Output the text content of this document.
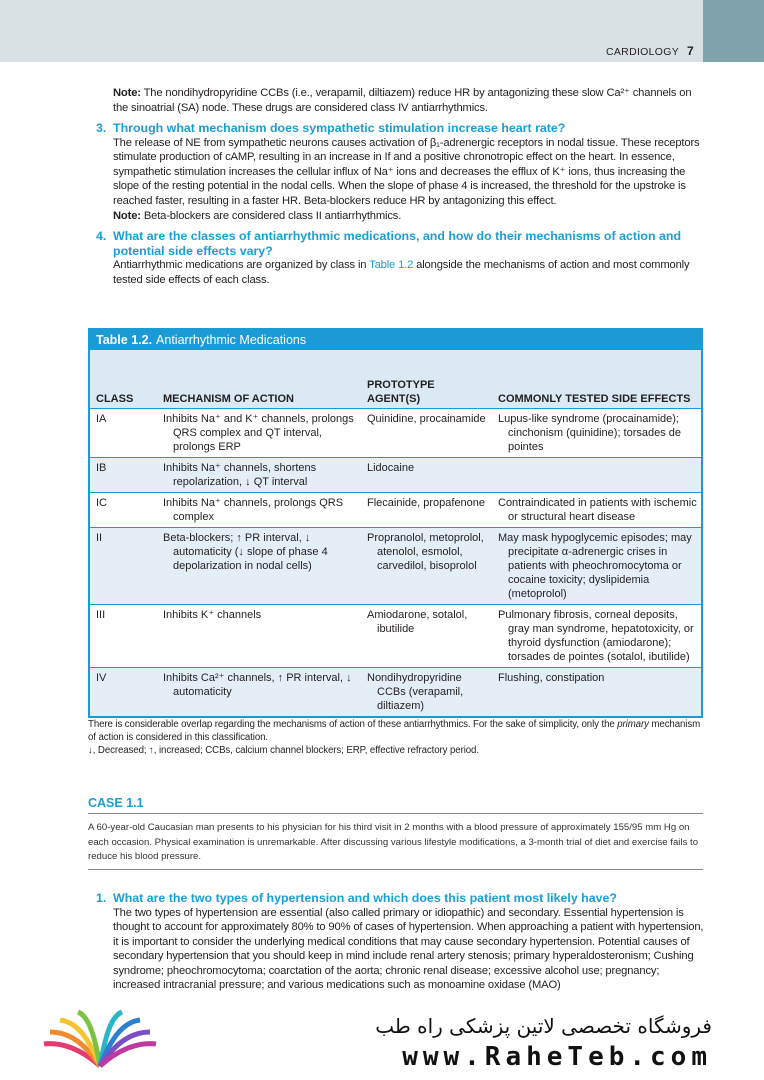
CARDIOLOGY 7

Note: The nondihydropyridine CCBs (i.e., verapamil, diltiazem) reduce HR by antagonizing these slow Ca²⁺ channels on the sinoatrial (SA) node. These drugs are considered class IV antiarrhythmics.

3. Through what mechanism does sympathetic stimulation increase heart rate?

The release of NE from sympathetic neurons causes activation of β₁-adrenergic receptors in nodal tissue. These receptors stimulate production of cAMP, resulting in an increase in If and a positive chronotropic effect on the heart. In essence, sympathetic stimulation increases the cellular influx of Na⁺ ions and decreases the efflux of K⁺ ions, thus increasing the slope of the resting potential in the nodal cells. When the slope of phase 4 is increased, the threshold for the upstroke is reached faster, resulting in a faster HR. Beta-blockers reduce HR by antagonizing this effect.

Note: Beta-blockers are considered class II antiarrhythmics.

4. What are the classes of antiarrhythmic medications, and how do their mechanisms of action and potential side effects vary?

Antiarrhythmic medications are organized by class in Table 1.2 alongside the mechanisms of action and most commonly tested side effects of each class.

Table 1.2. Antiarrhythmic Medications
CLASS	MECHANISM OF ACTION	PROTOTYPE AGENT(S)	COMMONLY TESTED SIDE EFFECTS
IA	Inhibits Na⁺ and K⁺ channels, prolongs QRS complex and QT interval, prolongs ERP	Quinidine, procainamide	Lupus-like syndrome (procainamide); cinchonism (quinidine); torsades de pointes
IB	Inhibits Na⁺ channels, shortens repolarization, ↓ QT interval	Lidocaine	
IC	Inhibits Na⁺ channels, prolongs QRS complex	Flecainide, propafenone	Contraindicated in patients with ischemic or structural heart disease
II	Beta-blockers; ↑ PR interval, ↓ automaticity (↓ slope of phase 4 depolarization in nodal cells)	Propranolol, metoprolol, atenolol, esmolol, carvedilol, bisoprolol	May mask hypoglycemic episodes; may precipitate α-adrenergic crises in patients with pheochromocytoma or cocaine toxicity; dyslipidemia (metoprolol)
III	Inhibits K⁺ channels	Amiodarone, sotalol, ibutilide	Pulmonary fibrosis, corneal deposits, gray man syndrome, hepatotoxicity, or thyroid dysfunction (amiodarone); torsades de pointes (sotalol, ibutilide)
IV	Inhibits Ca²⁺ channels, ↑ PR interval, ↓ automaticity	Nondihydropyridine CCBs (verapamil, diltiazem)	Flushing, constipation
There is considerable overlap regarding the mechanisms of action of these antiarrhythmics. For the sake of simplicity, only the primary mechanism of action is considered in this classification.
↓, Decreased; ↑, increased; CCBs, calcium channel blockers; ERP, effective refractory period.
CASE 1.1

A 60-year-old Caucasian man presents to his physician for his third visit in 2 months with a blood pressure of approximately 155/95 mm Hg on each occasion. Physical examination is unremarkable. After discussing various lifestyle modifications, a 3-month trial of diet and exercise fails to reduce his blood pressure.

1. What are the two types of hypertension and which does this patient most likely have?

The two types of hypertension are essential (also called primary or idiopathic) and secondary. Essential hypertension is thought to account for approximately 80% to 90% of cases of hypertension. When approaching a patient with hypertension, it is important to consider the underlying medical conditions that may cause secondary hypertension. Potential causes of secondary hypertension that you should keep in mind include renal artery stenosis; primary hyperaldosteronism; Cushing syndrome; pheochromocytoma; coarctation of the aorta; chronic renal disease; excessive alcohol use; pregnancy; increased intracranial pressure; and various medications such as monoamine oxidase (MAO)

فروشگاه تخصصی لاتین پزشکی راه طب
www.RaheTeb.com
